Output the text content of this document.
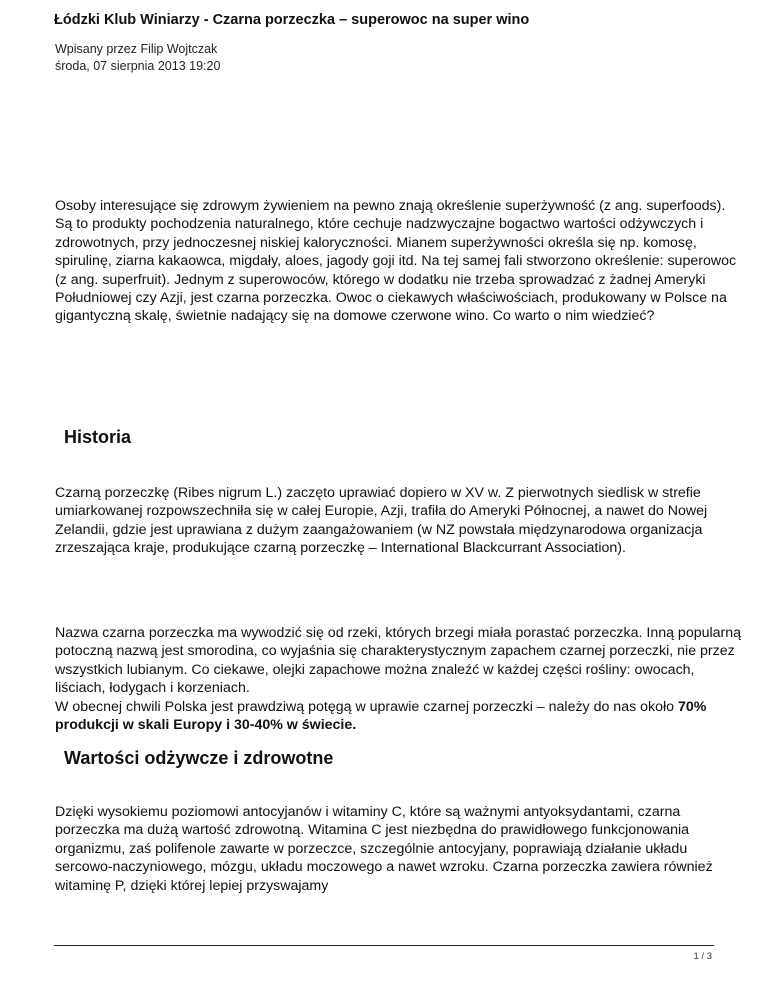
Łódzki Klub Winiarzy - Czarna porzeczka – superowoc na super wino
Wpisany przez Filip Wojtczak
środa, 07 sierpnia 2013 19:20

Osoby interesujące się zdrowym żywieniem na pewno znają określenie superżywność (z ang. superfoods). Są to produkty pochodzenia naturalnego, które cechuje nadzwyczajne bogactwo wartości odżywczych i zdrowotnych, przy jednoczesnej niskiej kaloryczności. Mianem superżywności określa się np. komosę, spirulinę, ziarna kakaowca, migdały, aloes, jagody goji itd. Na tej samej fali stworzono określenie: superowoc (z ang. superfruit). Jednym z superowoców, którego w dodatku nie trzeba sprowadzać z żadnej Ameryki Południowej czy Azji, jest czarna porzeczka. Owoc o ciekawych właściwościach, produkowany w Polsce na gigantyczną skalę, świetnie nadający się na domowe czerwone wino. Co warto o nim wiedzieć?

Historia

Czarną porzeczkę (Ribes nigrum L.) zaczęto uprawiać dopiero w XV w. Z pierwotnych siedlisk w strefie umiarkowanej rozpowszechniła się w całej Europie, Azji, trafiła do Ameryki Północnej, a nawet do Nowej Zelandii, gdzie jest uprawiana z dużym zaangażowaniem (w NZ powstała międzynarodowa organizacja zrzeszająca kraje, produkujące czarną porzeczkę – International Blackcurrant Association).

Nazwa czarna porzeczka ma wywodzić się od rzeki, których brzegi miała porastać porzeczka. Inną popularną potoczną nazwą jest smorodina, co wyjaśnia się charakterystycznym zapachem czarnej porzeczki, nie przez wszystkich lubianym. Co ciekawe, olejki zapachowe można znaleźć w każdej części rośliny: owocach, liściach, łodygach i korzeniach.
W obecnej chwili Polska jest prawdziwą potęgą w uprawie czarnej porzeczki – należy do nas około 70% produkcji w skali Europy i 30-40% w świecie.

Wartości odżywcze i zdrowotne

Dzięki wysokiemu poziomowi antocyjanów i witaminy C, które są ważnymi antyoksydantami, czarna porzeczka ma dużą wartość zdrowotną. Witamina C jest niezbędna do prawidłowego funkcjonowania organizmu, zaś polifenole zawarte w porzeczce, szczególnie antocyjany, poprawiają działanie układu sercowo-naczyniowego, mózgu, układu moczowego a nawet wzroku. Czarna porzeczka zawiera również witaminę P, dzięki której lepiej przyswajamy

1 / 3
